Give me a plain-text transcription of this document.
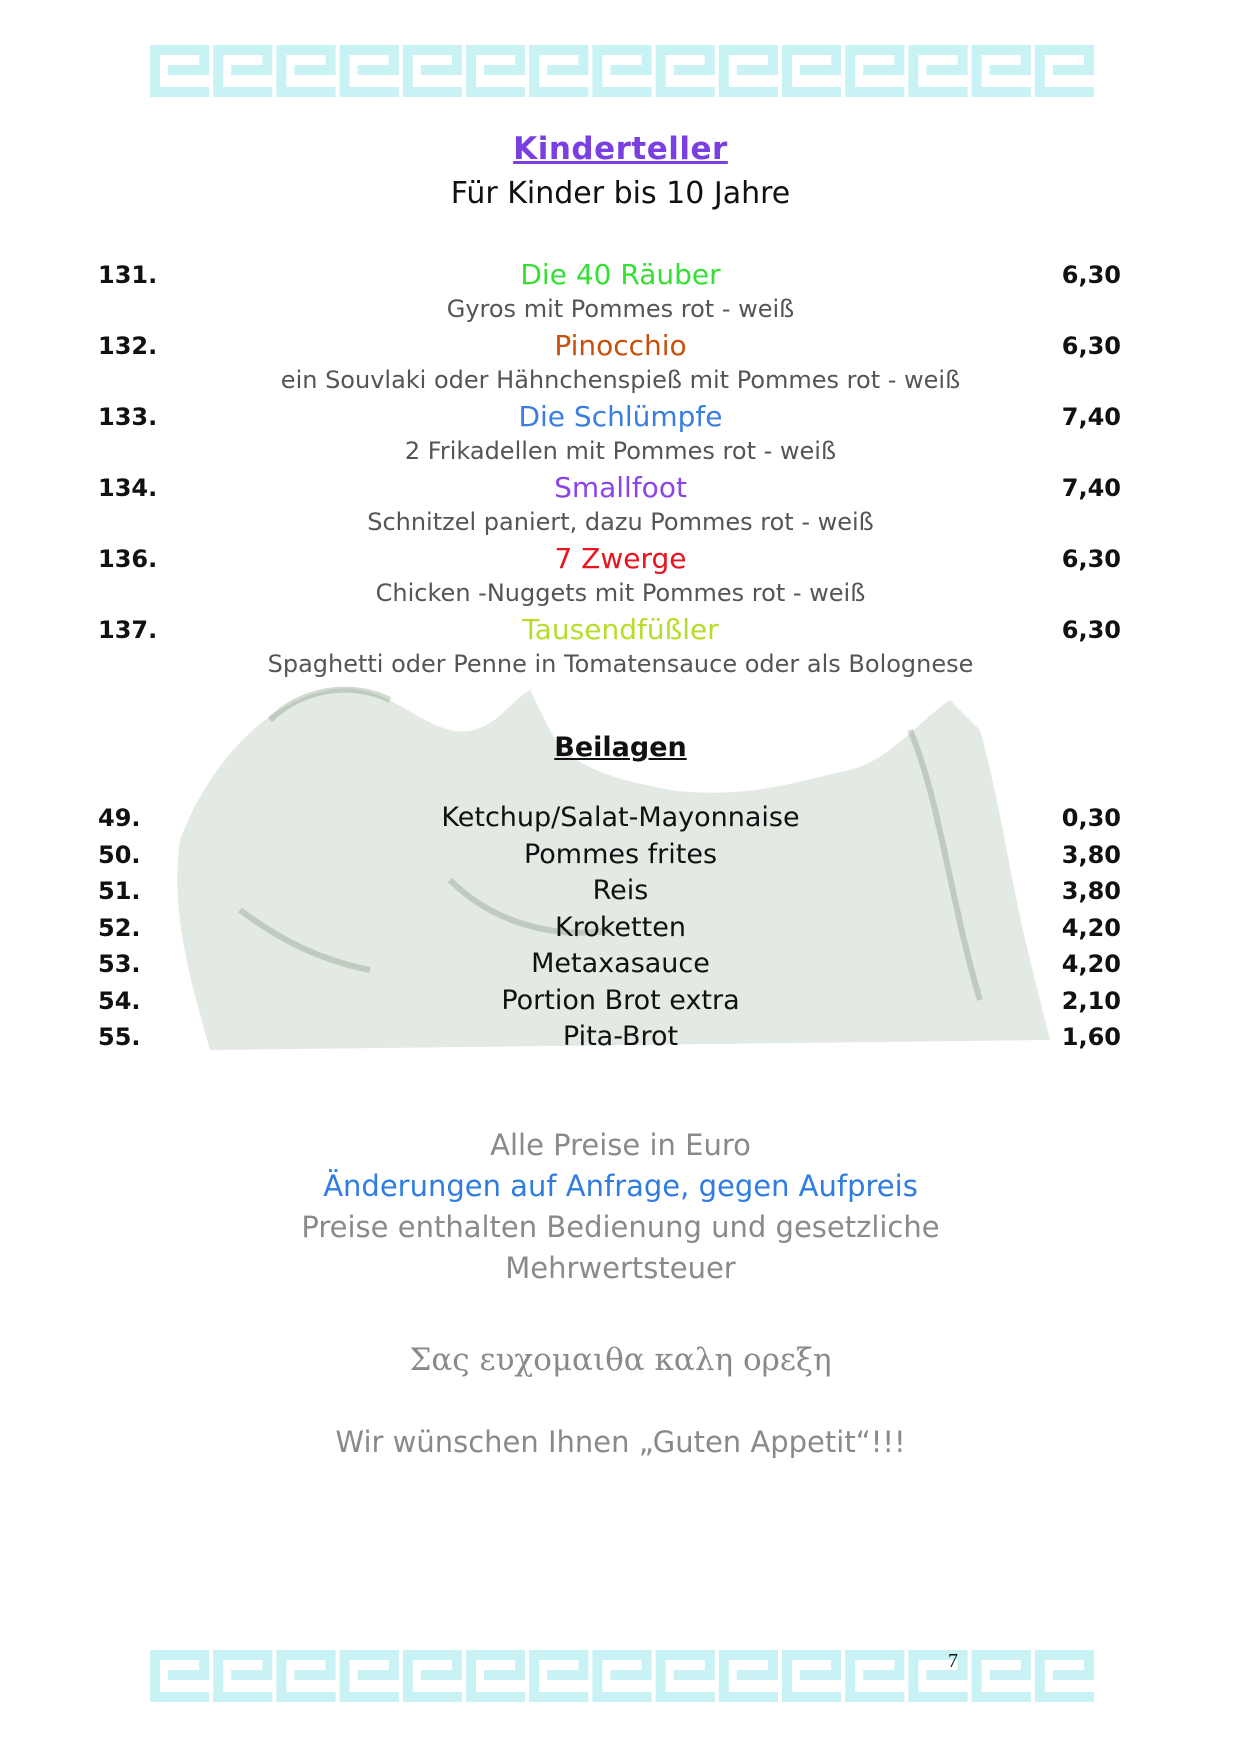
Kinderteller
Für Kinder bis 10 Jahre
131.	Die 40 Räuber	6,30
Gyros mit Pommes rot - weiß
132.	Pinocchio	6,30
ein Souvlaki oder Hähnchenspieß mit Pommes rot - weiß
133.	Die Schlümpfe	7,40
2 Frikadellen mit Pommes rot - weiß
134.	Smallfoot	7,40
Schnitzel paniert, dazu Pommes rot - weiß
136.	7 Zwerge	6,30
Chicken -Nuggets mit Pommes rot - weiß
137.	Tausendfüßler	6,30
Spaghetti oder Penne in Tomatensauce oder als Bolognese
Beilagen
49.	Ketchup/Salat-Mayonnaise	0,30
50.	Pommes frites	3,80
51.	Reis	3,80
52.	Kroketten	4,20
53.	Metaxasauce	4,20
54.	Portion Brot extra	2,10
55.	Pita-Brot	1,60
Alle Preise in Euro
Änderungen auf Anfrage, gegen Aufpreis
Preise enthalten Bedienung und gesetzliche
Mehrwertsteuer
Σας ευχομαιθα καλη ορεξη
Wir wünschen Ihnen „Guten Appetit“!!!
7
